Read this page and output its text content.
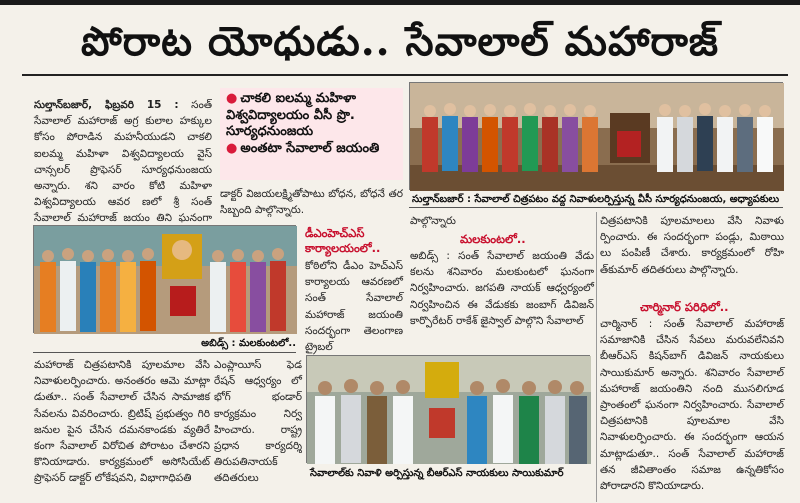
పోరాట యోధుడు.. సేవాలాల్ మహారాజ్

సుల్తాన్‌బజార్, ఫిబ్రవరి 15 : సంత్ సేవాలాల్ మహారాజ్ అగ్ర కులాల హక్కుల కోసం పోరాడిన మహనీయుడని చాకలి ఐలమ్మ మహిళా విశ్వవిద్యాలయ వైస్ చాన్సలర్ ప్రొఫెసర్ సూర్యధనుంజయ అన్నారు. శని వారం కోటి మహిళా విశ్వవిద్యాలయ ఆవర ణలో శ్రీ సంత్ సేవాలాల్ మహారాజ్ జయం తిని ఘనంగా

● చాకలి ఐలమ్మ మహిళా విశ్వవిద్యాలయం వీసీ ప్రొ. సూర్యధనుంజయ
● అంతటా సేవాలాల్ జయంతి

డాక్టర్ విజయలక్ష్మితోపాటు బోధన, బోధనే తర సిబ్బంది పాల్గొన్నారు.

సుల్తాన్‌బజార్ : సేవాలాల్ చిత్రపటం వద్ద నివాళులర్పిస్తున్న వీసీ సూర్యధనుంజయ, అధ్యాపకులు
అబిడ్స్ : మలకుంటలో..
డీఎంహెచ్‌ఎస్ కార్యాలయంలో..

కోఠిలోని డీఎం హెచ్‌ఎస్ కార్యాలయ ఆవరణలో సంత్ సేవాలాల్ మహారాజ్ జయంతి సందర్భంగా తెలంగాణ ట్రైబల్

మహారాజ్ చిత్రపటానికి పూలమాల వేసి నివాళులర్పించారు. అనంతరం ఆమె మాట్లా డుతూ.. సంత్ సేవాలాల్ చేసిన సామాజిక సేవలను వివరించారు. బ్రిటిష్ ప్రభుత్వం గిరి జనుల పైన చేసిన దమనకాండకు వ్యతిరే కంగా సేవాలాల్ విరోచిత పోరాటం చేశారని కొనియాడారు. కార్యక్రమంలో అసోసియేట్ ప్రొఫెసర్ డాక్టర్ లోకేషవని, విభాగాధిపతి

ఎంప్లాయీస్ ఫెడ రేషన్ ఆధ్వర్యం లో భోగ్ భండార్ కార్యక్రమం నిర్వ హించారు. రాష్ట్ర ప్రధాన కార్యదర్శి తిరుపతినాయక్ తదితరులు

పాల్గొన్నారు

మలకుంటలో..

అబిడ్స్ : సంత్ సేవాలాల్ జయంతి వేడు కలను శనివారం మలకుంటలో ఘనంగా నిర్వహించారు. జగపతి నాయక్ ఆధ్వర్యంలో నిర్వహించిన ఈ వేడుకకు జంబాగ్ డివిజన్ కార్పొరేటర్ రాకేశ్ జైస్వాల్ పాల్గొని సేవాలాల్

చిత్రపటానికి పూలమాలలు వేసి నివాళు ర్పించారు. ఈ సందర్భంగా పండ్లు, మిఠాయి లు పంపిణీ చేశారు. కార్యక్రమంలో రోహి త్‌కుమార్ తదితరులు పాల్గొన్నారు.

చార్మినార్ పరిధిలో..

చార్మినార్ : సంత్ సేవాలాల్ మహారాజ్ సమాజానికి చేసిన సేవలు మరువలేనివని బీఆర్‌ఎస్ కిషన్‌బాగ్ డివిజన్ నాయకులు సాయికుమార్ అన్నారు. శనివారం సేవాలాల్ మహారాజ్ జయంతిని నంది ముసలిగూడ ప్రాంతంలో ఘనంగా నిర్వహించారు. సేవాలాల్ చిత్రపటానికి పూలమాల వేసి నివాళులర్పించారు. ఈ సందర్భంగా ఆయన మాట్లాడుతూ.. సంత్ సేవాలాల్ మహారాజ్ తన జీవితాంతం సమాజ ఉన్నతికోసం పోరాడారని కొనియాడారు.

సేవాలాల్‌కు నివాళి అర్పిస్తున్న బీఆర్‌ఎస్ నాయకులు సాయికుమార్
